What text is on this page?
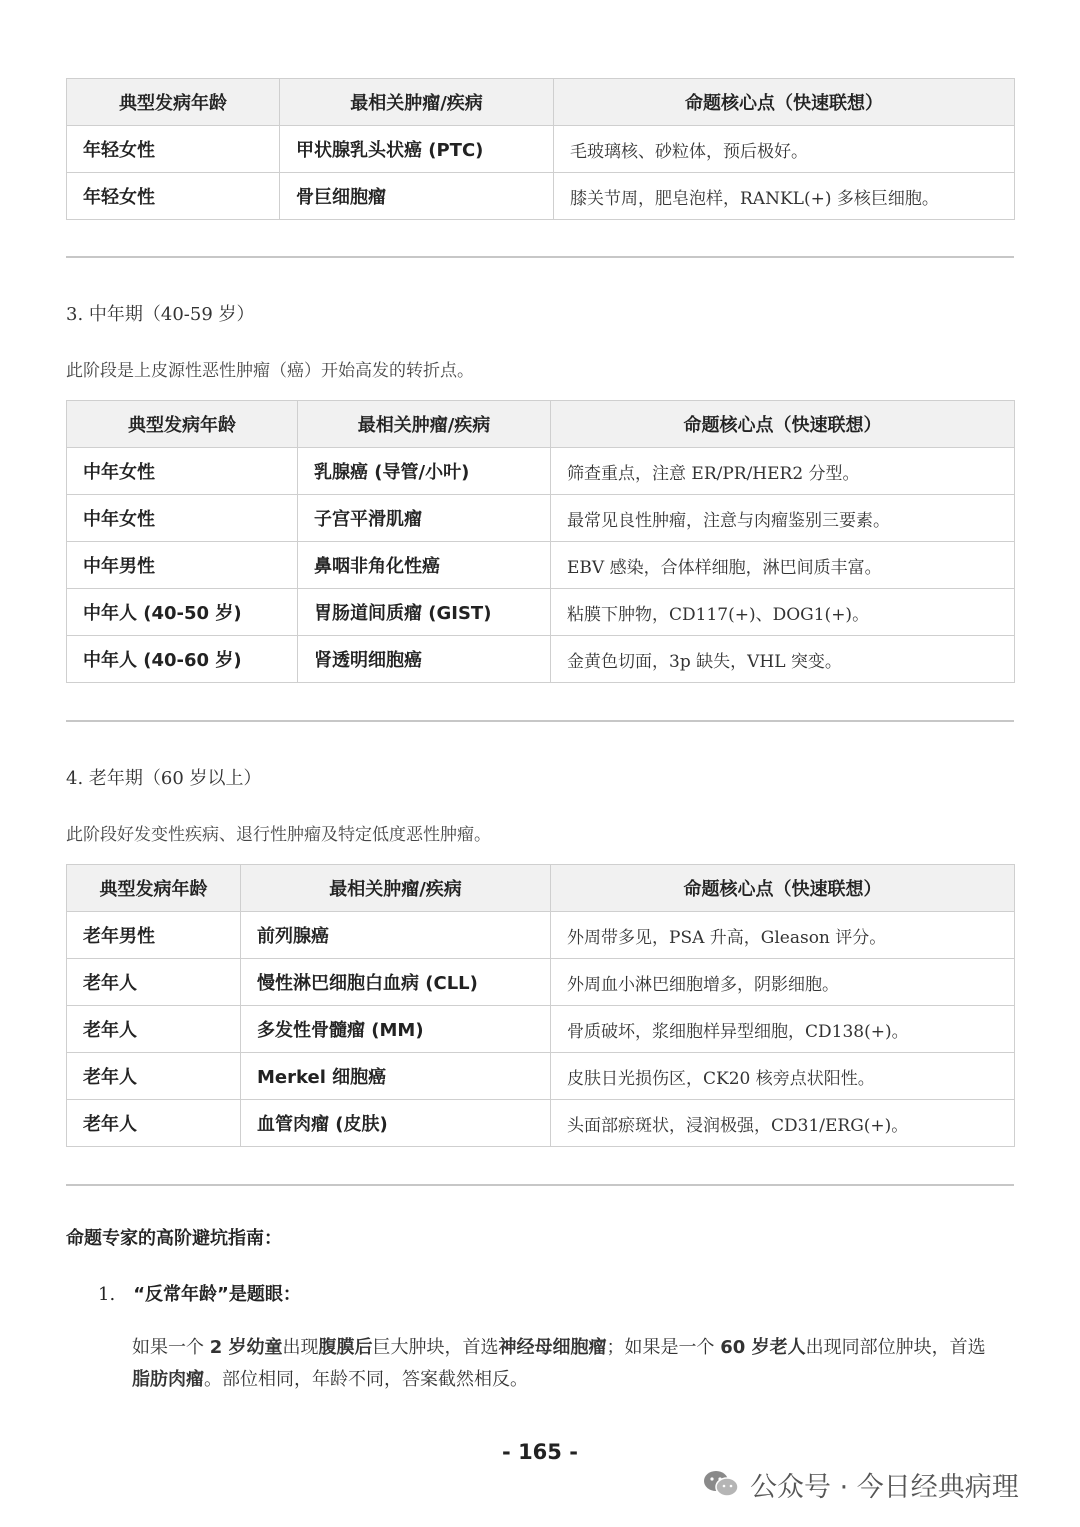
典型发病年龄	最相关肿瘤/疾病	命题核心点（快速联想）
年轻女性	甲状腺乳头状癌 (PTC)	毛玻璃核、砂粒体，预后极好。
年轻女性	骨巨细胞瘤	膝关节周，肥皂泡样，RANKL(+) 多核巨细胞。
3. 中年期（40-59 岁）
此阶段是上皮源性恶性肿瘤（癌）开始高发的转折点。
典型发病年龄	最相关肿瘤/疾病	命题核心点（快速联想）
中年女性	乳腺癌 (导管/小叶)	筛查重点，注意 ER/PR/HER2 分型。
中年女性	子宫平滑肌瘤	最常见良性肿瘤，注意与肉瘤鉴别三要素。
中年男性	鼻咽非角化性癌	EBV 感染，合体样细胞，淋巴间质丰富。
中年人 (40-50 岁)	胃肠道间质瘤 (GIST)	粘膜下肿物，CD117(+)、DOG1(+)。
中年人 (40-60 岁)	肾透明细胞癌	金黄色切面，3p 缺失，VHL 突变。
4. 老年期（60 岁以上）
此阶段好发变性疾病、退行性肿瘤及特定低度恶性肿瘤。
典型发病年龄	最相关肿瘤/疾病	命题核心点（快速联想）
老年男性	前列腺癌	外周带多见，PSA 升高，Gleason 评分。
老年人	慢性淋巴细胞白血病 (CLL)	外周血小淋巴细胞增多，阴影细胞。
老年人	多发性骨髓瘤 (MM)	骨质破坏，浆细胞样异型细胞，CD138(+)。
老年人	Merkel 细胞癌	皮肤日光损伤区，CK20 核旁点状阳性。
老年人	血管肉瘤 (皮肤)	头面部瘀斑状，浸润极强，CD31/ERG(+)。
命题专家的高阶避坑指南：
1. “反常年龄”是题眼：
如果一个 2 岁幼童出现腹膜后巨大肿块，首选神经母细胞瘤；如果是一个 60 岁老人出现同部位肿块，首选脂肪肉瘤。部位相同，年龄不同，答案截然相反。
- 165 -
公众号 · 今日经典病理
